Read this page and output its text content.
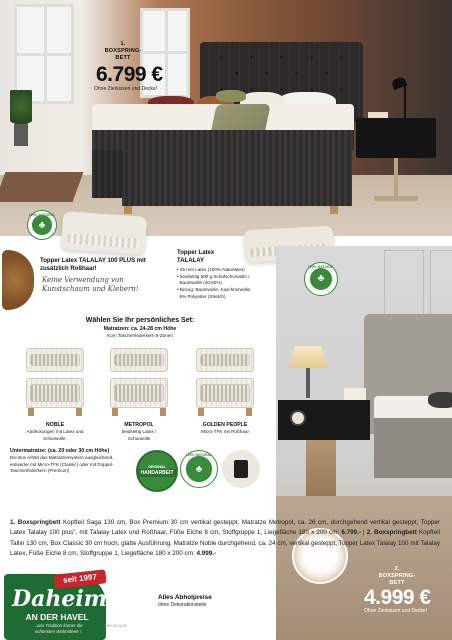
1.
BOXSPRING-
BETT
6.799 €
Ohne Zierkissen und Decke!
100% NATURAL
♣
Topper Latex TALALAY 100 PLUS mit zusätzlich Roßhaar!
Keine Verwendung von
Kunstschaum und Klebern!
Topper Latex
TALALAY
• 45 mm Latex (100% Naturlatex)
• beidseitig 500 g Schafschurwolle /
Baumwolle (40:60%)
• Bezug: Baumwolle, Kaschmirwolle,
5% Polyester (Stretch)
2.
BOXSPRING-
BETT
4.999 €
Ohne Zierkissen und Decke!
100% NATURAL
♣
Wählen Sie Ihr persönliches Set:
Matratzen: ca. 24-28 cm Höhe
Korn Taschenfederkern 5-Zonen
NOBLE
Abdeckungen mit Latex und
Schurwolle,
METROPOL
beidseitig Latex /
Schurwolle
GOLDEN PEOPLE
Micro-TFK mit Roßhaar
Untermatratze: (ca. 20 oder 30 cm Höhe)
Die Box erhält das Matratzensystem ausgleichend,
entweder mit Micro-TFK (Classic) oder mit Doppel-
Taschenfederkern (Premium)
ORIGINAL
HANDARBEIT
100% NATURAL
♣
1. Boxspringbett Kopfteil Saga 130 cm, Box Premium 30 cm vertikal gesteppt, Matratze Metropol, ca. 26 cm, durchgehend vertikal gesteppt, Topper Latex Talalay 100 plus", mit Talalay Latex und Roßhaar, Füße Eiche 8 cm, Stoffgruppe 1, Liegefläche 180 x 200 cm: 6.799.- | 2. Boxspringbett Kopfteil Tallin 130 cm, Box Classic 30 cm hoch, glatte Ausführung, Matratze Noble durchgehend, ca. 24 cm, vertikal gesteppt, Topper Latex Talalay 100 mit Talalay Latex, Füße Eiche 8 cm, Stoffgruppe 1, Liegefläche 180 x 200 cm: 4.999.-
seit 1997
Daheim
AN DER HAVEL
...aus Tradition immer die
schönsten Wohnideen !
Alles Abholpreise
ohne Dekorationsteile
©DH 05.21.23
